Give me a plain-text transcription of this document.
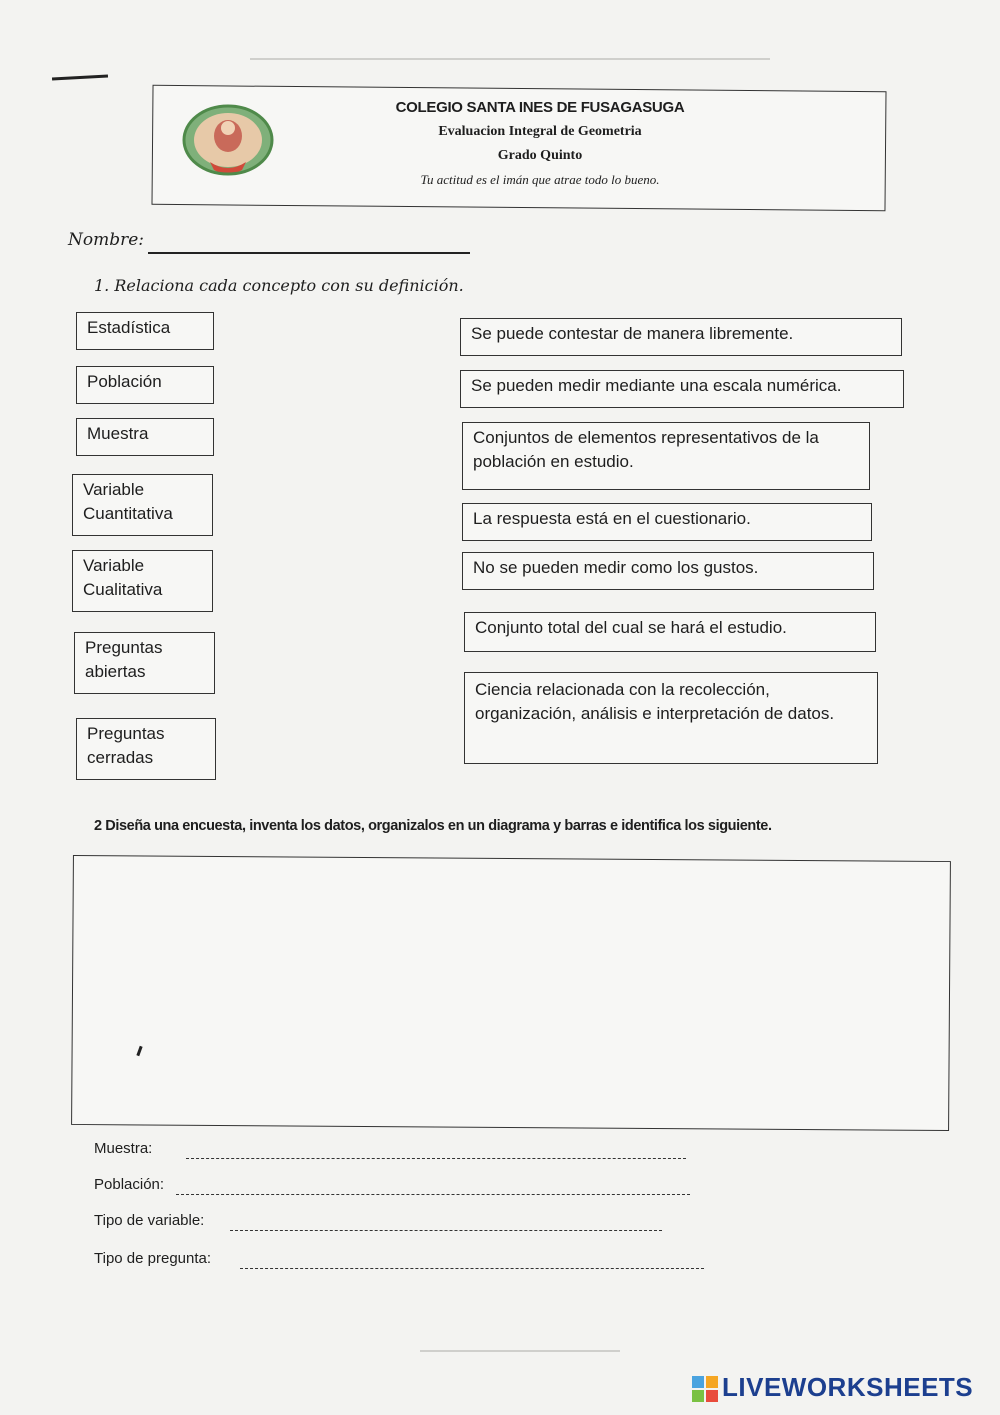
COLEGIO SANTA INES DE FUSAGASUGA
Evaluacion Integral de Geometria
Grado Quinto
Tu actitud es el imán que atrae todo lo bueno.
Nombre:
1. Relaciona cada concepto con su definición.
Estadística
Población
Muestra
Variable
Cuantitativa
Variable
Cualitativa
Preguntas
abiertas
Preguntas
cerradas
Se puede contestar de manera libremente.
Se pueden medir mediante una escala numérica.
Conjuntos de elementos representativos de la población en estudio.
La respuesta está en el cuestionario.
No se pueden medir como los gustos.
Conjunto total del cual se hará el estudio.
Ciencia relacionada con la recolección, organización, análisis e interpretación de datos.
2 Diseña una encuesta, inventa los datos, organizalos en un diagrama y barras e identifica los siguiente.
Muestra:
Población:
Tipo de variable:
Tipo de pregunta:
LIVEWORKSHEETS
